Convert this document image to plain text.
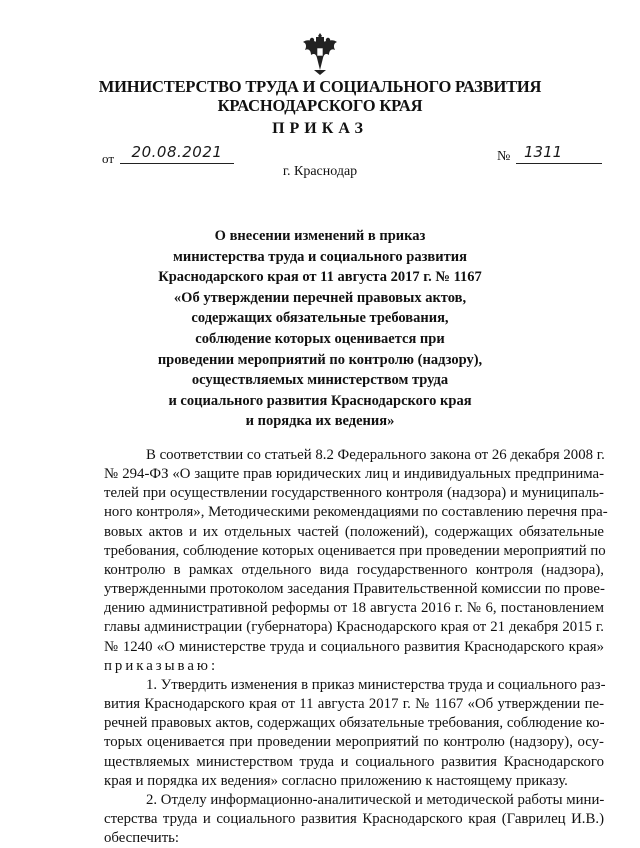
МИНИСТЕРСТВО ТРУДА И СОЦИАЛЬНОГО РАЗВИТИЯ
КРАСНОДАРСКОГО КРАЯ
ПРИКАЗ
от	20.08.2021	№ 1311
г. Краснодар
О внесении изменений в приказ
министерства труда и социального развития
Краснодарского края от 11 августа 2017 г. № 1167
«Об утверждении перечней правовых актов,
содержащих обязательные требования,
соблюдение которых оценивается при
проведении мероприятий по контролю (надзору),
осуществляемых министерством труда
и социального развития Краснодарского края
и порядка их ведения»
В соответствии со статьей 8.2 Федерального закона от 26 декабря 2008 г.
№ 294-ФЗ «О защите прав юридических лиц и индивидуальных предпринима-
телей при осуществлении государственного контроля (надзора) и муниципаль-
ного контроля», Методическими рекомендациями по составлению перечня пра-
вовых актов и их отдельных частей (положений), содержащих обязательные
требования, соблюдение которых оценивается при проведении мероприятий по
контролю в рамках отдельного вида государственного контроля (надзора),
утвержденными протоколом заседания Правительственной комиссии по прове-
дению административной реформы от 18 августа 2016 г. № 6, постановлением
главы администрации (губернатора) Краснодарского края от 21 декабря 2015 г.
№ 1240 «О министерстве труда и социального развития Краснодарского края»
приказываю:
1. Утвердить изменения в приказ министерства труда и социального раз-
вития Краснодарского края от 11 августа 2017 г. № 1167 «Об утверждении пе-
речней правовых актов, содержащих обязательные требования, соблюдение ко-
торых оценивается при проведении мероприятий по контролю (надзору), осу-
ществляемых министерством труда и социального развития Краснодарского
края и порядка их ведения» согласно приложению к настоящему приказу.
2. Отделу информационно-аналитической и методической работы мини-
стерства труда и социального развития Краснодарского края (Гаврилец И.В.)
обеспечить:
